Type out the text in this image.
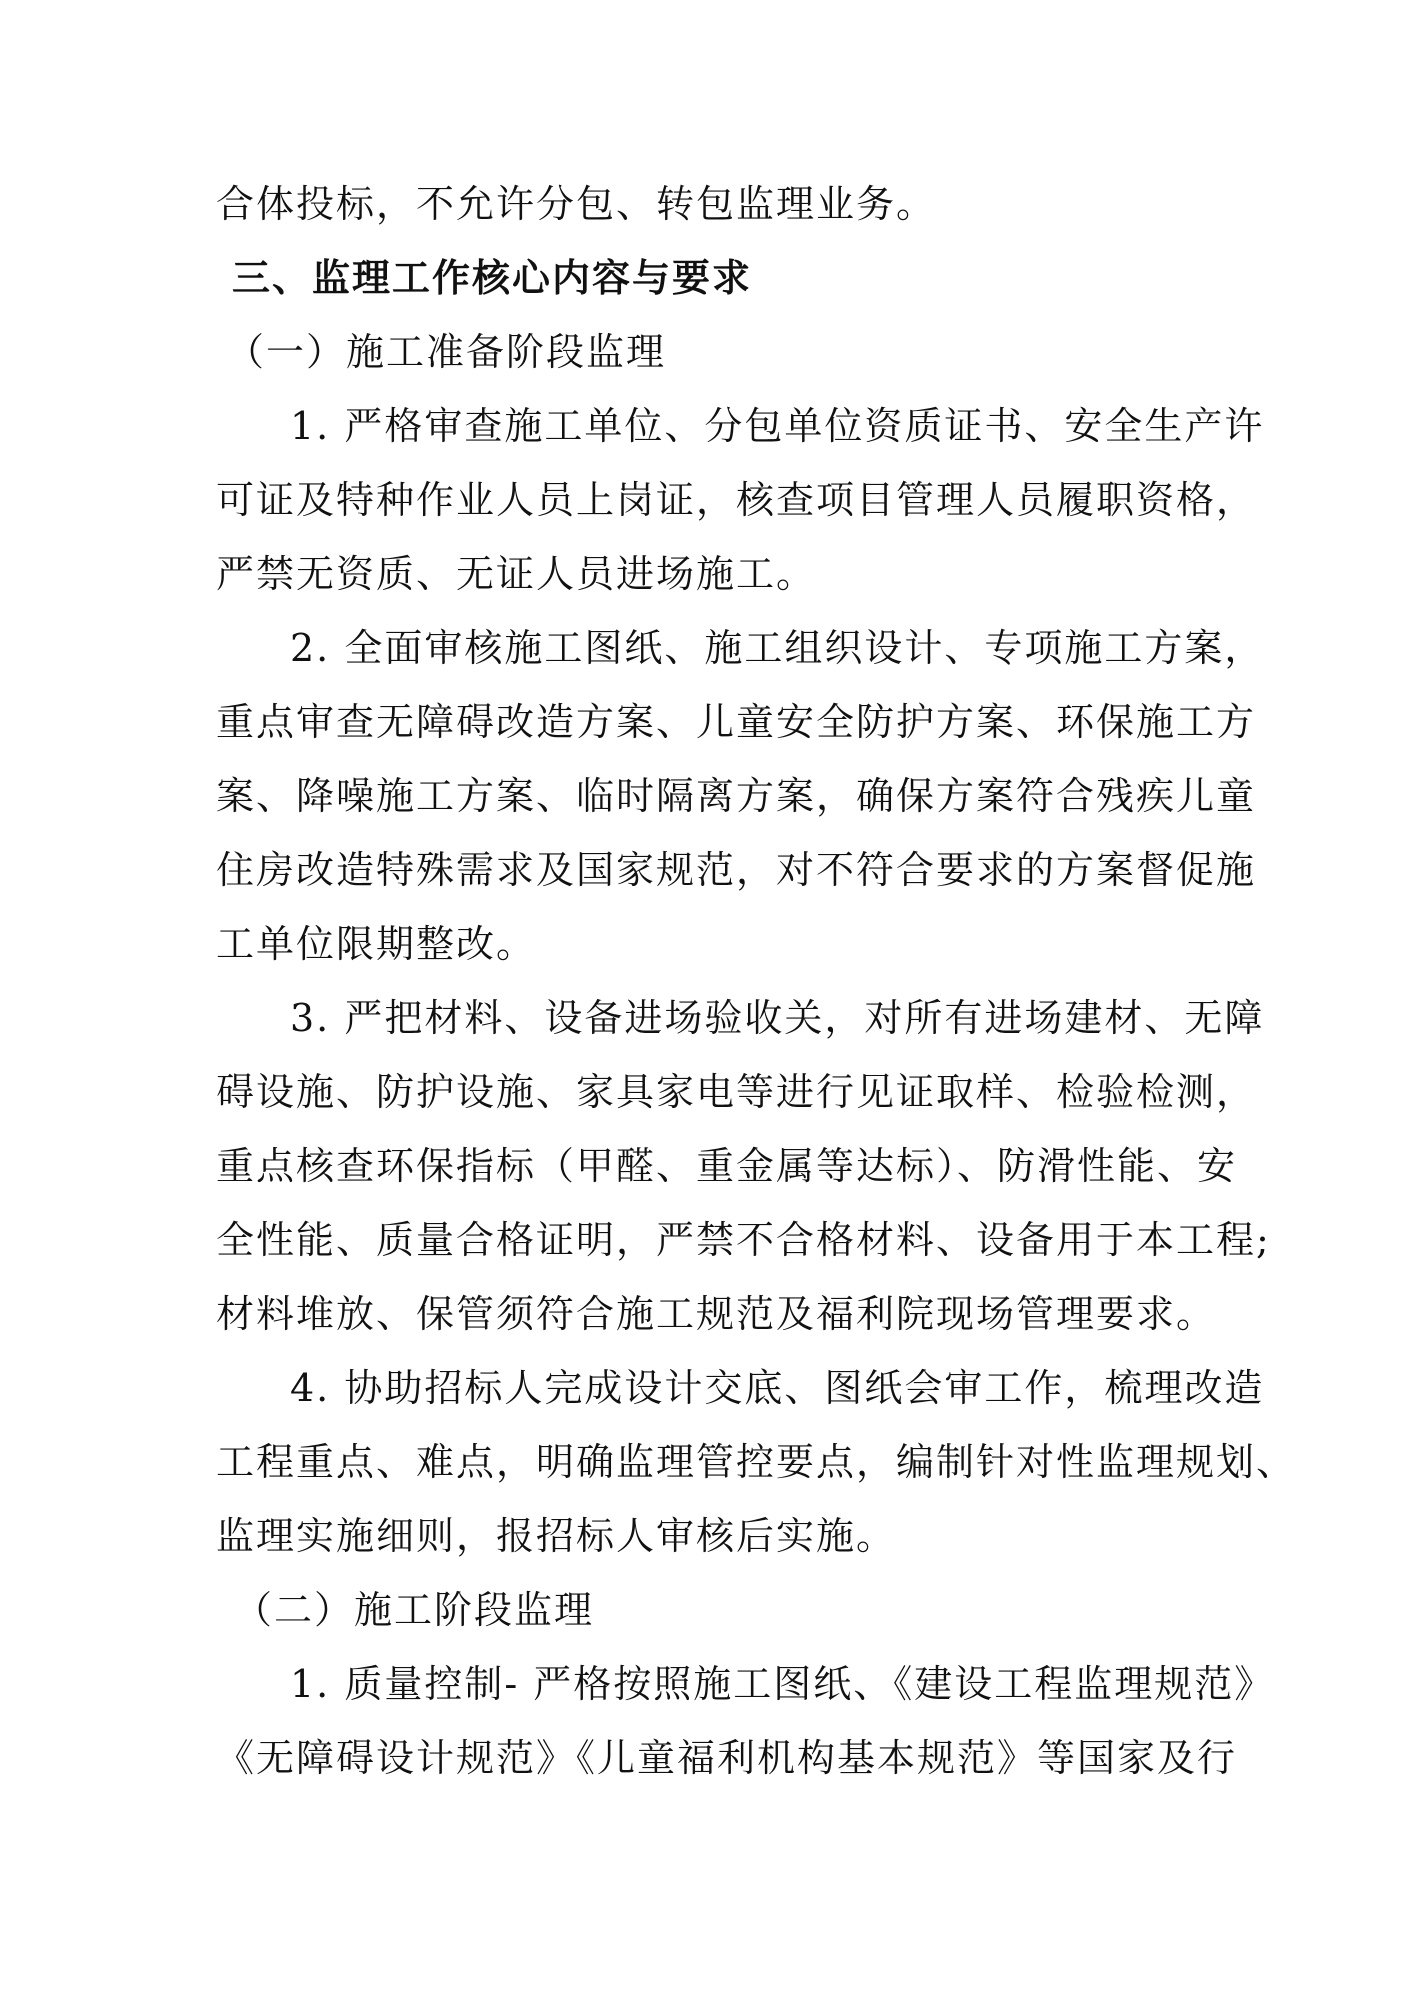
合体投标，不允许分包、转包监理业务。
三、监理工作核心内容与要求
（一）施工准备阶段监理
1. 严格审查施工单位、分包单位资质证书、安全生产许
可证及特种作业人员上岗证，核查项目管理人员履职资格，
严禁无资质、无证人员进场施工。
2. 全面审核施工图纸、施工组织设计、专项施工方案，
重点审查无障碍改造方案、儿童安全防护方案、环保施工方
案、降噪施工方案、临时隔离方案，确保方案符合残疾儿童
住房改造特殊需求及国家规范，对不符合要求的方案督促施
工单位限期整改。
3. 严把材料、设备进场验收关，对所有进场建材、无障
碍设施、防护设施、家具家电等进行见证取样、检验检测，
重点核查环保指标（甲醛、重金属等达标）、防滑性能、安
全性能、质量合格证明，严禁不合格材料、设备用于本工程;
材料堆放、保管须符合施工规范及福利院现场管理要求。
4. 协助招标人完成设计交底、图纸会审工作，梳理改造
工程重点、难点，明确监理管控要点，编制针对性监理规划、
监理实施细则，报招标人审核后实施。
（二）施工阶段监理
1. 质量控制- 严格按照施工图纸、《建设工程监理规范》
《无障碍设计规范》《儿童福利机构基本规范》等国家及行
